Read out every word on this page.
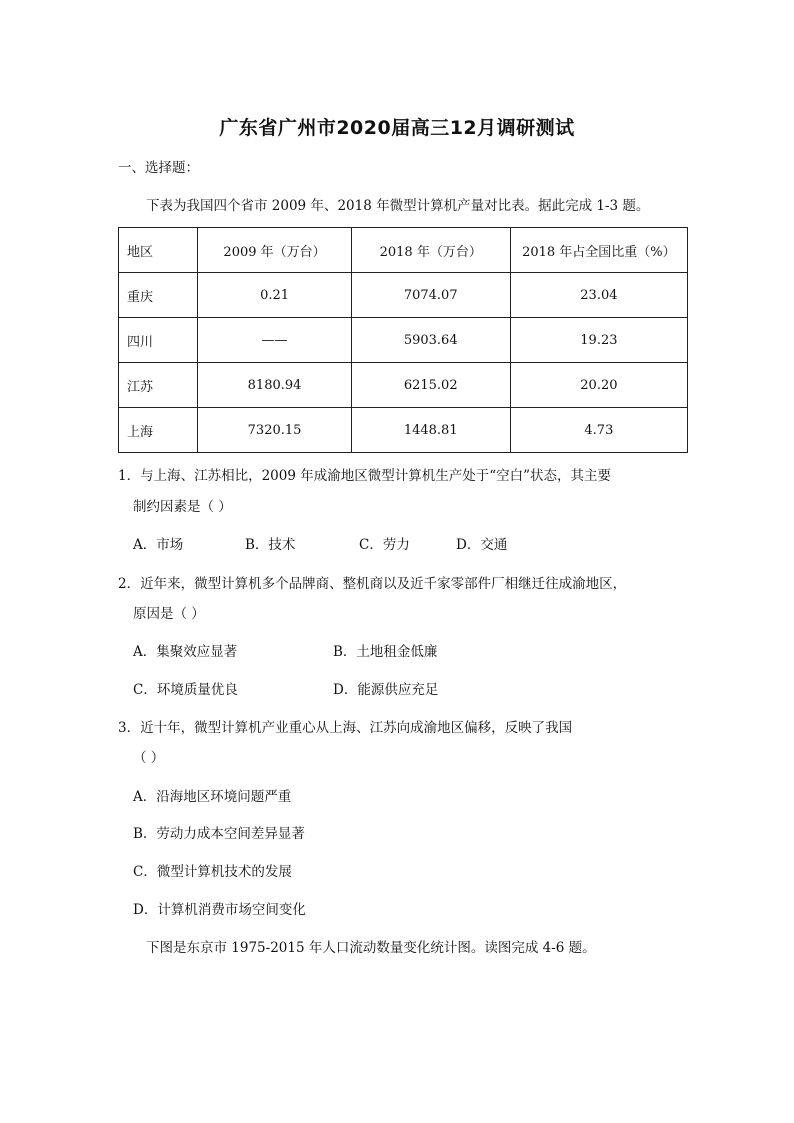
广东省广州市2020届高三12月调研测试
一、选择题：
下表为我国四个省市 2009 年、2018 年微型计算机产量对比表。据此完成 1-3 题。
地区	2009 年（万台）	2018 年（万台）	2018 年占全国比重（%）
重庆	0.21	7074.07	23.04
四川	——	5903.64	19.23
江苏	8180.94	6215.02	20.20
上海	7320.15	1448.81	4.73
1．与上海、江苏相比，2009 年成渝地区微型计算机生产处于“空白”状态，其主要
制约因素是（ ）
A．市场	B．技术	C．劳力	D．交通
2．近年来，微型计算机多个品牌商、整机商以及近千家零部件厂相继迁往成渝地区，
原因是（ ）
A．集聚效应显著	B．土地租金低廉
C．环境质量优良	D．能源供应充足
3．近十年，微型计算机产业重心从上海、江苏向成渝地区偏移，反映了我国
（ ）
A．沿海地区环境问题严重
B．劳动力成本空间差异显著
C．微型计算机技术的发展
D．计算机消费市场空间变化
下图是东京市 1975-2015 年人口流动数量变化统计图。读图完成 4-6 题。
